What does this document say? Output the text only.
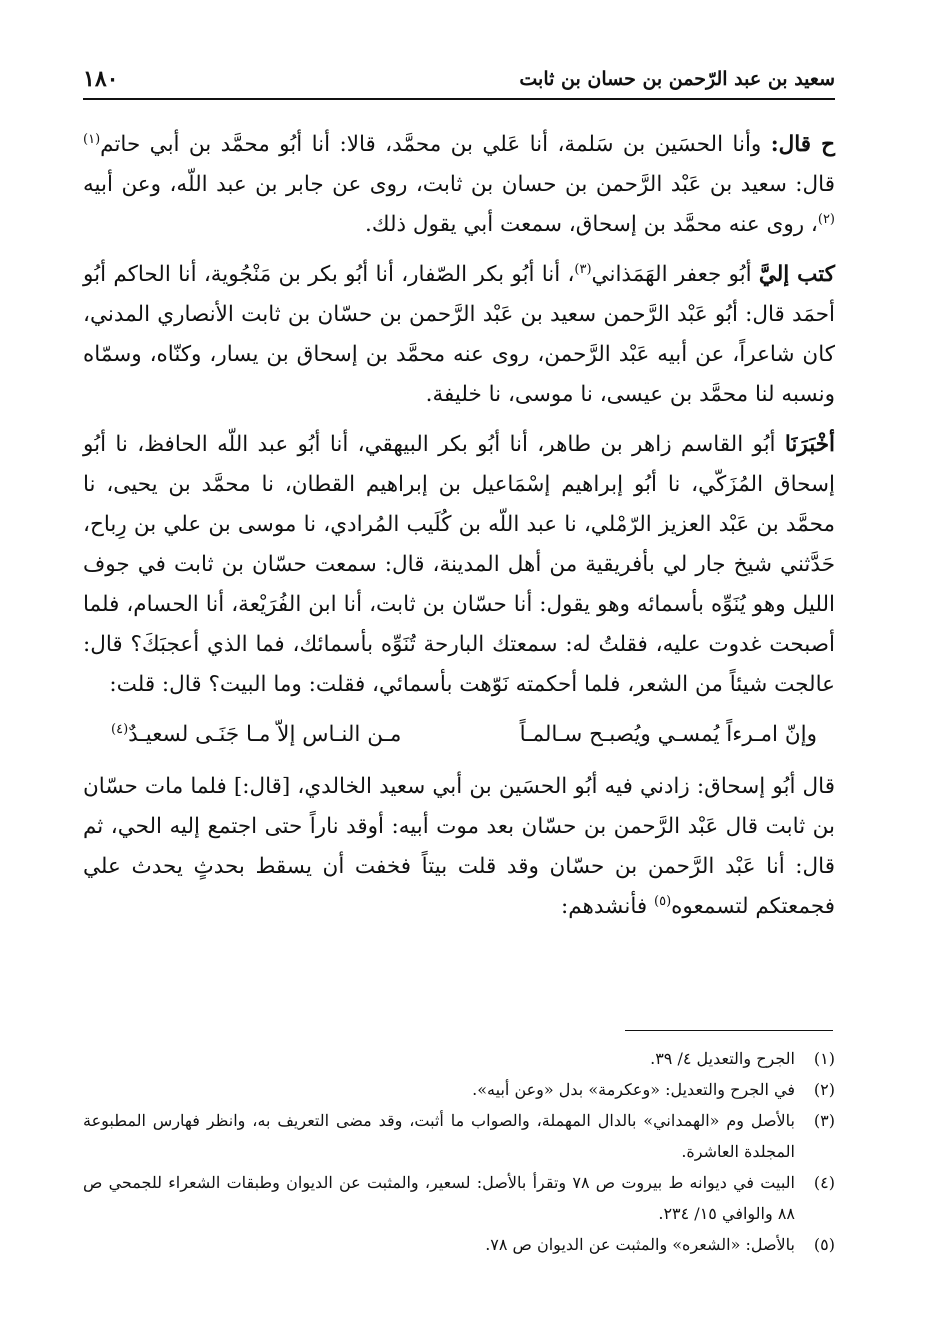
سعيد بن عبد الرّحمن بن حسان بن ثابت
١٨٠

ح قال: وأنا الحسَين بن سَلمة، أنا عَلي بن محمَّد، قالا: أنا أبُو محمَّد بن أبي حاتم$^{(١)}$ قال: سعيد بن عَبْد الرَّحمن بن حسان بن ثابت، روى عن جابر بن عبد اللّه، وعن أبيه $^{(٢)}$، روى عنه محمَّد بن إسحاق، سمعت أبي يقول ذلك.

كتب إليَّ أبُو جعفر الهَمَذاني$^{(٣)}$، أنا أبُو بكر الصّفار، أنا أبُو بكر بن مَنْجُوية، أنا الحاكم أبُو أحمَد قال: أبُو عَبْد الرَّحمن سعيد بن عَبْد الرَّحمن بن حسّان بن ثابت الأنصاري المدني، كان شاعراً، عن أبيه عَبْد الرَّحمن، روى عنه محمَّد بن إسحاق بن يسار، وكنّاه، وسمّاه ونسبه لنا محمَّد بن عيسى، نا موسى، نا خليفة.

أخْبَرَنَا أبُو القاسم زاهر بن طاهر، أنا أبُو بكر البيهقي، أنا أبُو عبد اللّه الحافظ، نا أبُو إسحاق المُزَكّي، نا أبُو إبراهيم إسْمَاعيل بن إبراهيم القطان، نا محمَّد بن يحيى، نا محمَّد بن عَبْد العزيز الرّمْلي، نا عبد اللّه بن كُلَيب المُرادي، نا موسى بن علي بن رِباح، حَدَّثني شيخ جار لي بأفريقية من أهل المدينة، قال: سمعت حسّان بن ثابت في جوف الليل وهو يُنَوِّه بأسمائه وهو يقول: أنا حسّان بن ثابت، أنا ابن الفُرَيْعة، أنا الحسام، فلما أصبحت غدوت عليه، فقلتُ له: سمعتك البارحة تُنَوِّه بأسمائك، فما الذي أعجبَكَ؟ قال: عالجت شيئاً من الشعر، فلما أحكمته نَوّهت بأسمائي، فقلت: وما البيت؟ قال: قلت:

وإنّ امـرءاً يُمسـي ويُصبـح سـالمـاً
مـن النـاس إلاّ مـا جَنَـى لسعيـدٌ$^{(٤)}$

قال أبُو إسحاق: زادني فيه أبُو الحسَين بن أبي سعيد الخالدي، [قال:] فلما مات حسّان بن ثابت قال عَبْد الرَّحمن بن حسّان بعد موت أبيه: أوقد ناراً حتى اجتمع إليه الحي، ثم قال: أنا عَبْد الرَّحمن بن حسّان وقد قلت بيتاً فخفت أن يسقط بحدثٍ يحدث علي فجمعتكم لتسمعوه$^{(٥)}$ فأنشدهم:

(١)
الجرح والتعديل ٤/ ٣٩.
(٢)
في الجرح والتعديل: «وعكرمة» بدل «وعن أبيه».
(٣)
بالأصل وم «الهمداني» بالدال المهملة، والصواب ما أثبت، وقد مضى التعريف به، وانظر فهارس المطبوعة المجلدة العاشرة.
(٤)
البيت في ديوانه ط بيروت ص ٧٨ وتقرأ بالأصل: لسعير، والمثبت عن الديوان وطبقات الشعراء للجمحي ص ٨٨ والوافي ١٥/ ٢٣٤.
(٥)
بالأصل: «الشعره» والمثبت عن الديوان ص ٧٨.
